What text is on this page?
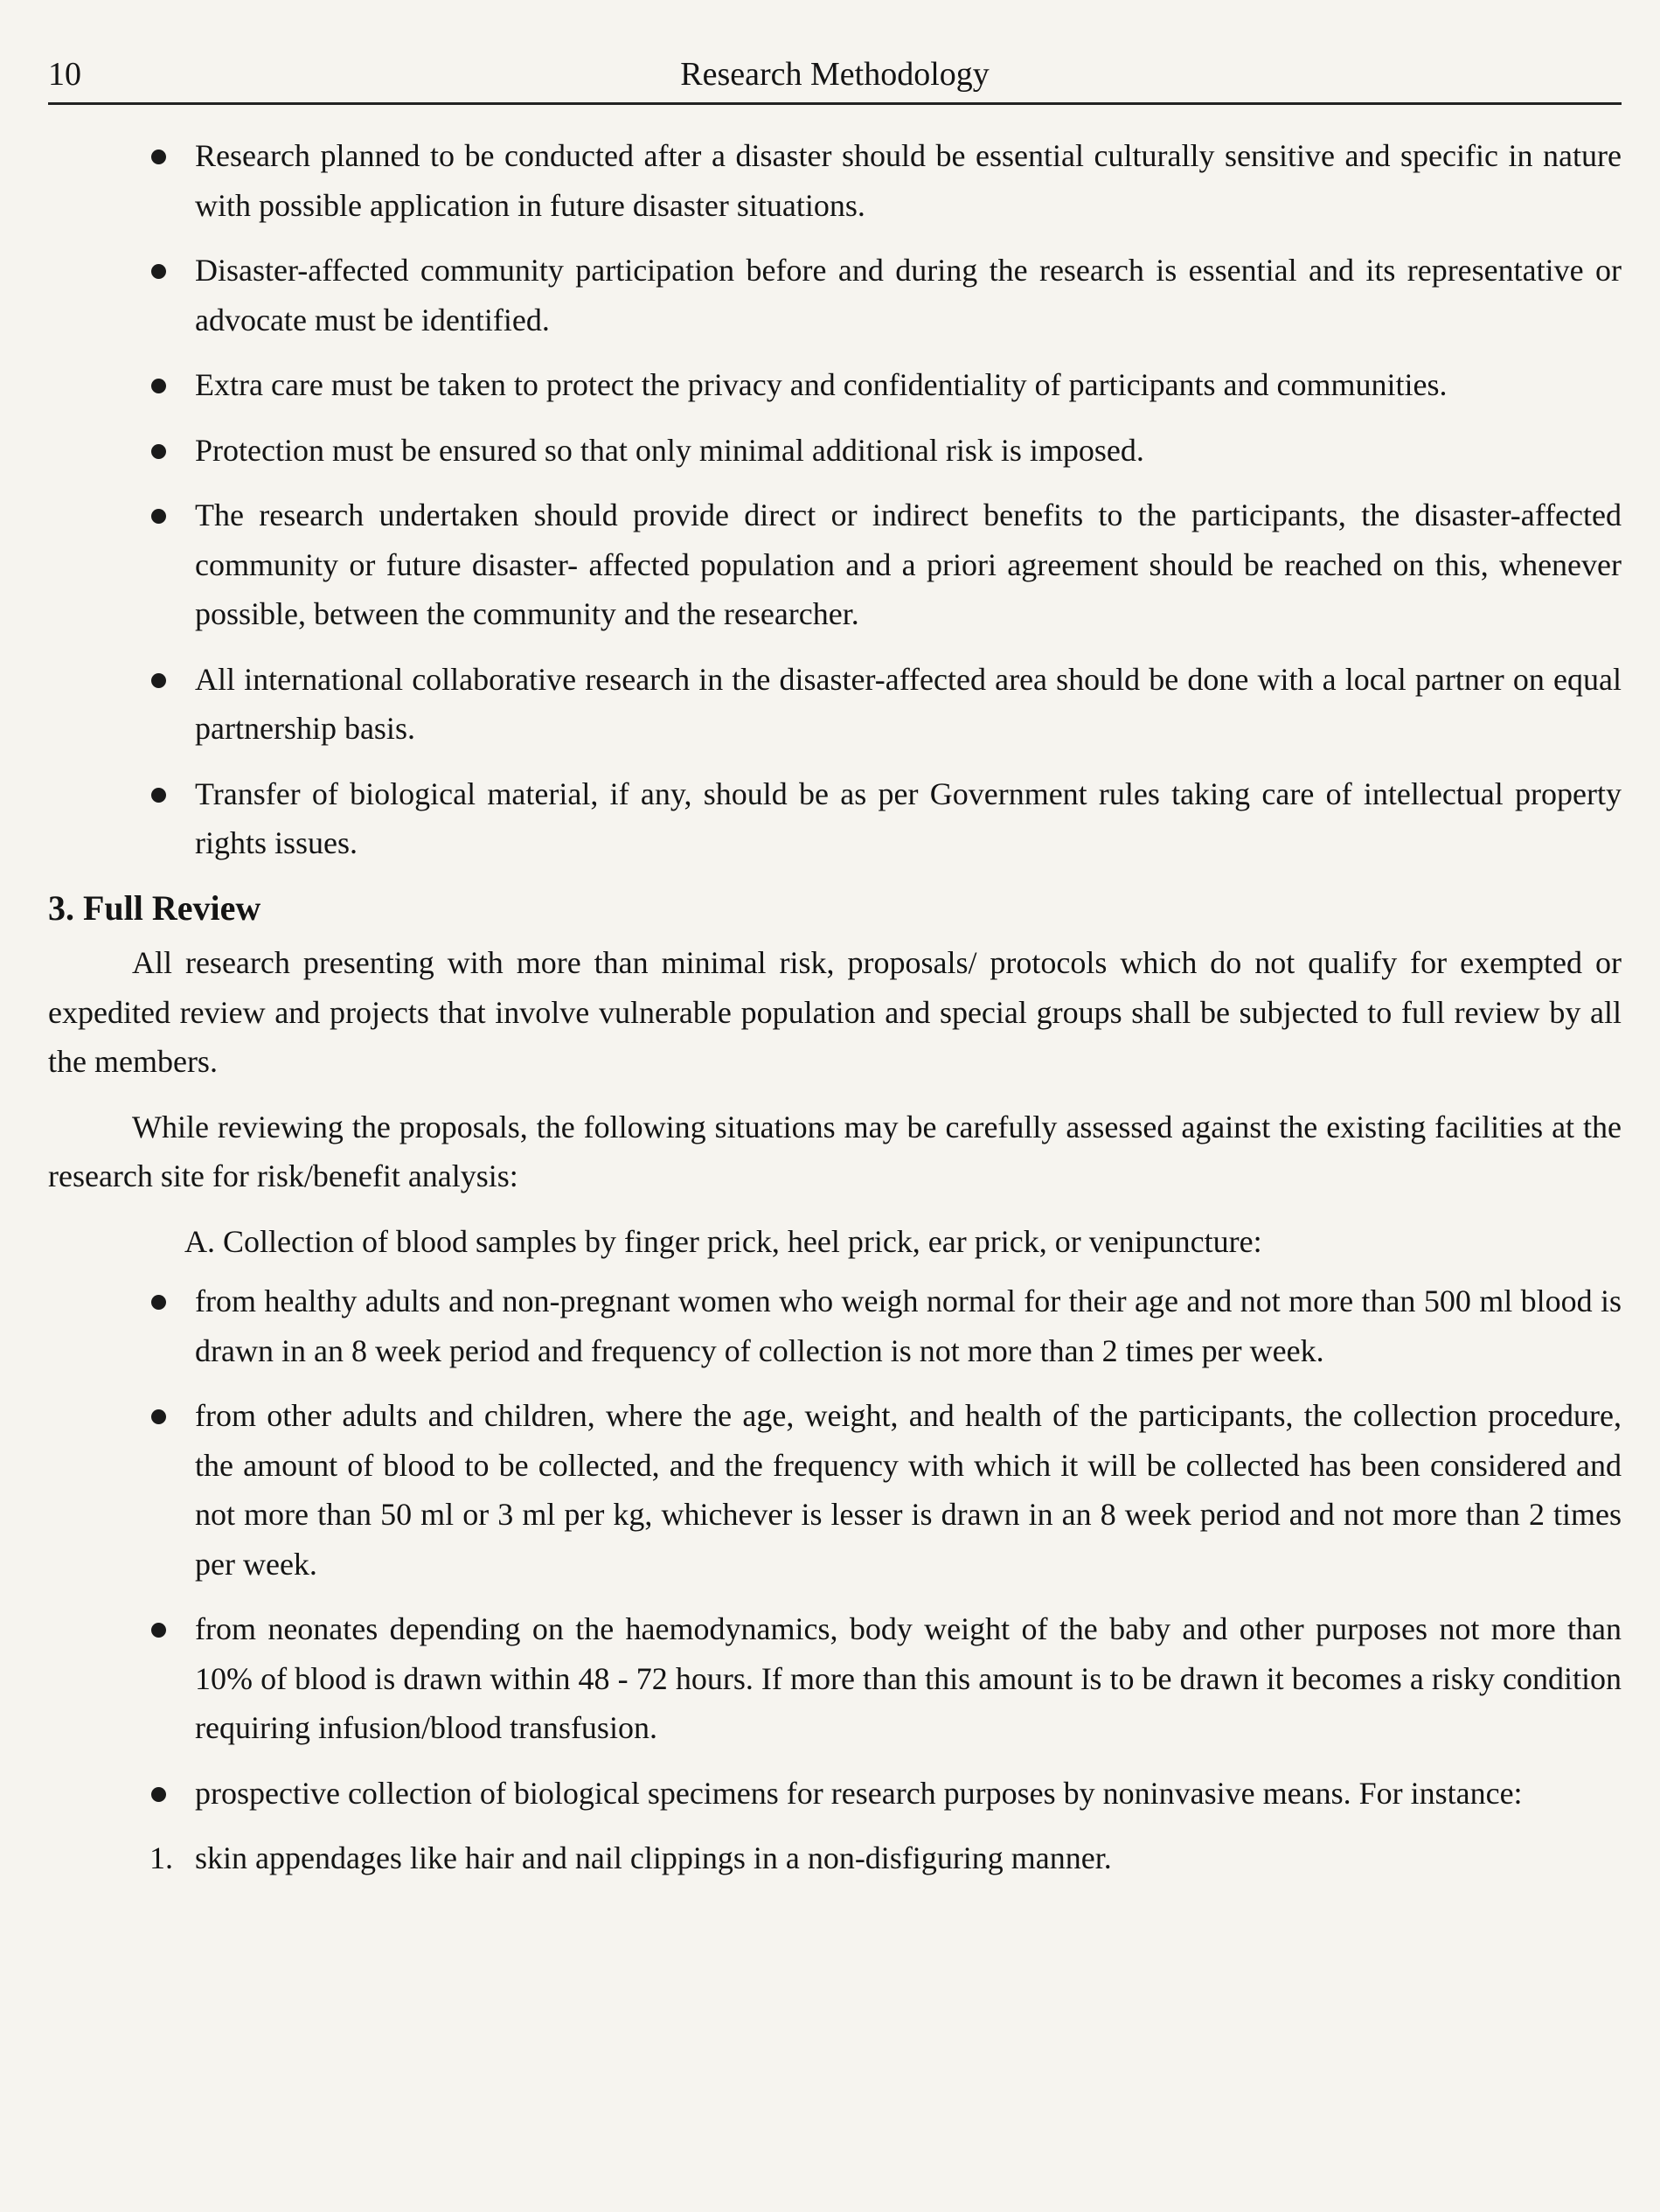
10	Research Methodology
Research planned to be conducted after a disaster should be essential culturally sensitive and specific in nature with possible application in future disaster situations.
Disaster-affected community participation before and during the research is essential and its representative or advocate must be identified.
Extra care must be taken to protect the privacy and confidentiality of participants and communities.
Protection must be ensured so that only minimal additional risk is imposed.
The research undertaken should provide direct or indirect benefits to the participants, the disaster-affected community or future disaster- affected population and a priori agreement should be reached on this, whenever possible, between the community and the researcher.
All international collaborative research in the disaster-affected area should be done with a local partner on equal partnership basis.
Transfer of biological material, if any, should be as per Government rules taking care of intellectual property rights issues.
3. Full Review

All research presenting with more than minimal risk, proposals/ protocols which do not qualify for exempted or expedited review and projects that involve vulnerable population and special groups shall be subjected to full review by all the members.

While reviewing the proposals, the following situations may be carefully assessed against the existing facilities at the research site for risk/benefit analysis:

A. Collection of blood samples by finger prick, heel prick, ear prick, or venipuncture:

from healthy adults and non-pregnant women who weigh normal for their age and not more than 500 ml blood is drawn in an 8 week period and frequency of collection is not more than 2 times per week.
from other adults and children, where the age, weight, and health of the participants, the collection procedure, the amount of blood to be collected, and the frequency with which it will be collected has been considered and not more than 50 ml or 3 ml per kg, whichever is lesser is drawn in an 8 week period and not more than 2 times per week.
from neonates depending on the haemodynamics, body weight of the baby and other purposes not more than 10% of blood is drawn within 48 - 72 hours. If more than this amount is to be drawn it becomes a risky condition requiring infusion/blood transfusion.
prospective collection of biological specimens for research purposes by noninvasive means. For instance:
1. skin appendages like hair and nail clippings in a non-disfiguring manner.
